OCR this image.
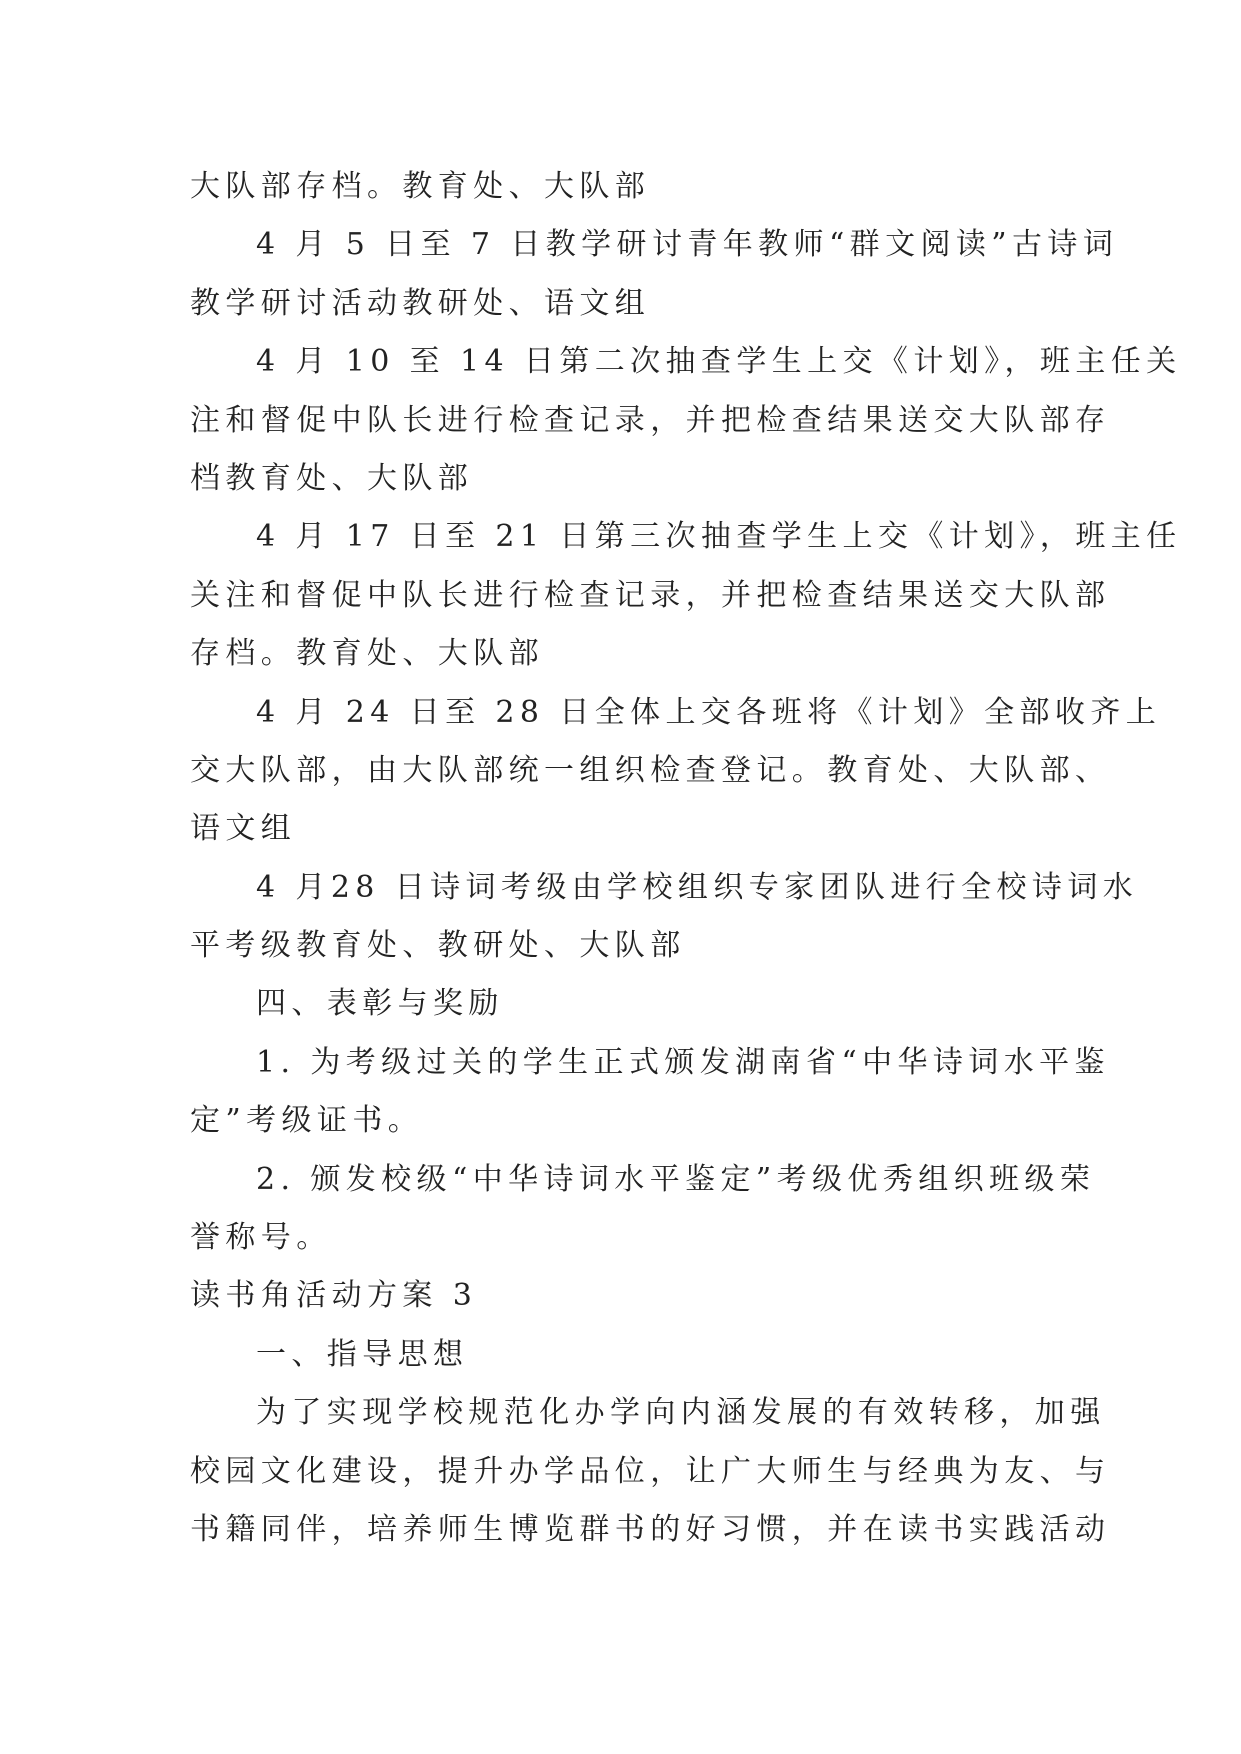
大队部存档。教育处、大队部
4 月 5 日至 7 日教学研讨青年教师“群文阅读”古诗词
教学研讨活动教研处、语文组
4 月 10 至 14 日第二次抽查学生上交《计划》，班主任关
注和督促中队长进行检查记录，并把检查结果送交大队部存
档教育处、大队部
4 月 17 日至 21 日第三次抽查学生上交《计划》，班主任
关注和督促中队长进行检查记录，并把检查结果送交大队部
存档。教育处、大队部
4 月 24 日至 28 日全体上交各班将《计划》全部收齐上
交大队部，由大队部统一组织检查登记。教育处、大队部、
语文组
4 月28 日诗词考级由学校组织专家团队进行全校诗词水
平考级教育处、教研处、大队部
四、表彰与奖励
1. 为考级过关的学生正式颁发湖南省“中华诗词水平鉴
定”考级证书。
2. 颁发校级“中华诗词水平鉴定”考级优秀组织班级荣
誉称号。
读书角活动方案 3
一、指导思想
为了实现学校规范化办学向内涵发展的有效转移，加强
校园文化建设，提升办学品位，让广大师生与经典为友、与
书籍同伴，培养师生博览群书的好习惯，并在读书实践活动
